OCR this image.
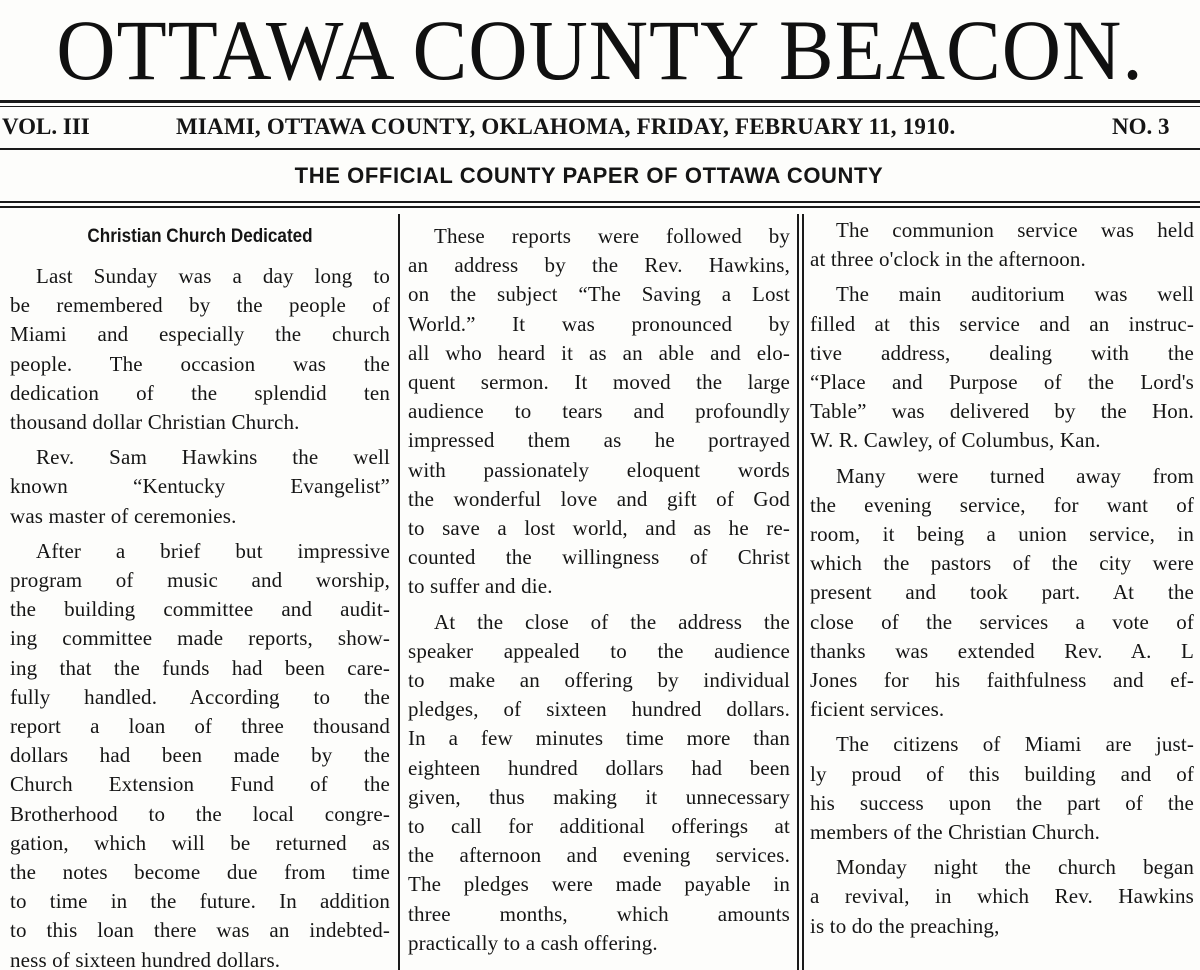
OTTAWA COUNTY BEACON.
VOL. III	MIAMI, OTTAWA COUNTY, OKLAHOMA, FRIDAY, FEBRUARY 11, 1910.	NO. 3
THE OFFICIAL COUNTY PAPER OF OTTAWA COUNTY
Christian Church Dedicated
Last Sunday was a day long to
be remembered by the people of
Miami and especially the church
people. The occasion was the
dedication of the splendid ten
thousand dollar Christian Church.
Rev. Sam Hawkins the well
known “Kentucky Evangelist”
was master of ceremonies.
After a brief but impressive
program of music and worship,
the building committee and audit-
ing committee made reports, show-
ing that the funds had been care-
fully handled. According to the
report a loan of three thousand
dollars had been made by the
Church Extension Fund of the
Brotherhood to the local congre-
gation, which will be returned as
the notes become due from time
to time in the future. In addition
to this loan there was an indebted-
ness of sixteen hundred dollars.
These reports were followed by
an address by the Rev. Hawkins,
on the subject “The Saving a Lost
World.” It was pronounced by
all who heard it as an able and elo-
quent sermon. It moved the large
audience to tears and profoundly
impressed them as he portrayed
with passionately eloquent words
the wonderful love and gift of God
to save a lost world, and as he re-
counted the willingness of Christ
to suffer and die.
At the close of the address the
speaker appealed to the audience
to make an offering by individual
pledges, of sixteen hundred dollars.
In a few minutes time more than
eighteen hundred dollars had been
given, thus making it unnecessary
to call for additional offerings at
the afternoon and evening services.
The pledges were made payable in
three months, which amounts
practically to a cash offering.
The communion service was held
at three o'clock in the afternoon.
The main auditorium was well
filled at this service and an instruc-
tive address, dealing with the
“Place and Purpose of the Lord's
Table” was delivered by the Hon.
W. R. Cawley, of Columbus, Kan.
Many were turned away from
the evening service, for want of
room, it being a union service, in
which the pastors of the city were
present and took part. At the
close of the services a vote of
thanks was extended Rev. A. L
Jones for his faithfulness and ef-
ficient services.
The citizens of Miami are just-
ly proud of this building and of
his success upon the part of the
members of the Christian Church.
Monday night the church began
a revival, in which Rev. Hawkins
is to do the preaching,
